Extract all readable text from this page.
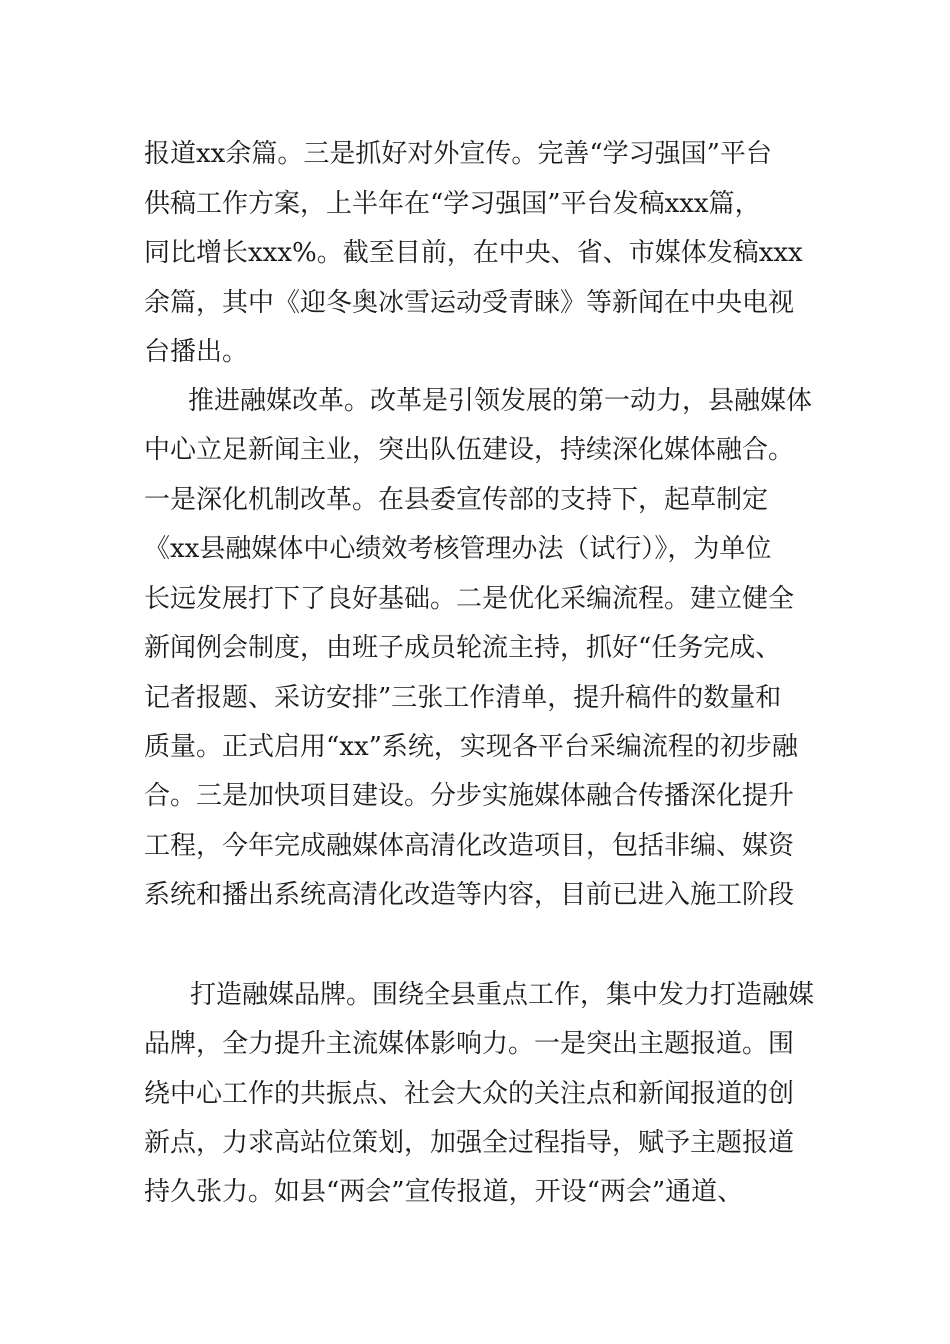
报道xx余篇。三是抓好对外宣传。完善“学习强国”平台
供稿工作方案，上半年在“学习强国”平台发稿xxx篇，
同比增长xxx%。截至目前，在中央、省、市媒体发稿xxx
余篇，其中《迎冬奥冰雪运动受青睐》等新闻在中央电视
台播出。
推进融媒改革。改革是引领发展的第一动力，县融媒体
中心立足新闻主业，突出队伍建设，持续深化媒体融合。
一是深化机制改革。在县委宣传部的支持下，起草制定
《xx县融媒体中心绩效考核管理办法（试行）》，为单位
长远发展打下了良好基础。二是优化采编流程。建立健全
新闻例会制度，由班子成员轮流主持，抓好“任务完成、
记者报题、采访安排”三张工作清单，提升稿件的数量和
质量。正式启用“xx”系统，实现各平台采编流程的初步融
合。三是加快项目建设。分步实施媒体融合传播深化提升
工程，今年完成融媒体高清化改造项目，包括非编、媒资
系统和播出系统高清化改造等内容，目前已进入施工阶段
打造融媒品牌。围绕全县重点工作，集中发力打造融媒
品牌，全力提升主流媒体影响力。一是突出主题报道。围
绕中心工作的共振点、社会大众的关注点和新闻报道的创
新点，力求高站位策划，加强全过程指导，赋予主题报道
持久张力。如县“两会”宣传报道，开设“两会”通道、
